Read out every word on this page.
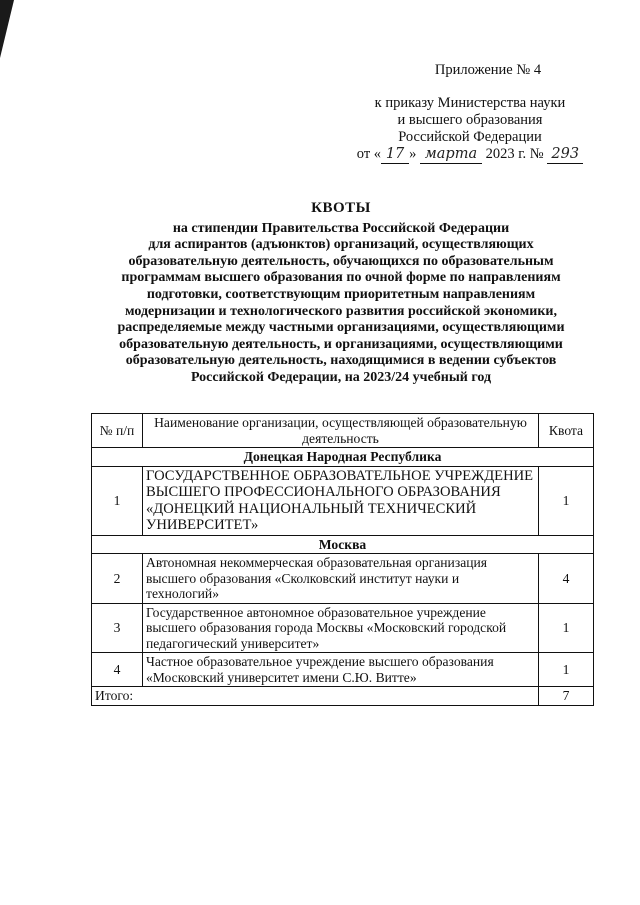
Приложение № 4
к приказу Министерства науки
и высшего образования
Российской Федерации
от « 17 » марта 2023 г. № 293
КВОТЫ
на стипендии Правительства Российской Федерации
для аспирантов (адъюнктов) организаций, осуществляющих
образовательную деятельность, обучающихся по образовательным
программам высшего образования по очной форме по направлениям
подготовки, соответствующим приоритетным направлениям
модернизации и технологического развития российской экономики,
распределяемые между частными организациями, осуществляющими
образовательную деятельность, и организациями, осуществляющими
образовательную деятельность, находящимися в ведении субъектов
Российской Федерации, на 2023/24 учебный год
№ п/п	Наименование организации, осуществляющей образовательную деятельность	Квота
Донецкая Народная Республика		
1	ГОСУДАРСТВЕННОЕ ОБРАЗОВАТЕЛЬНОЕ УЧРЕЖДЕНИЕ ВЫСШЕГО ПРОФЕССИОНАЛЬНОГО ОБРАЗОВАНИЯ «ДОНЕЦКИЙ НАЦИОНАЛЬНЫЙ ТЕХНИЧЕСКИЙ УНИВЕРСИТЕТ»	1
Москва		
2	Автономная некоммерческая образовательная организация высшего образования «Сколковский институт науки и технологий»	4
3	Государственное автономное образовательное учреждение высшего образования города Москвы «Московский городской педагогический университет»	1
4	Частное образовательное учреждение высшего образования «Московский университет имени С.Ю. Витте»	1
Итого:		7
